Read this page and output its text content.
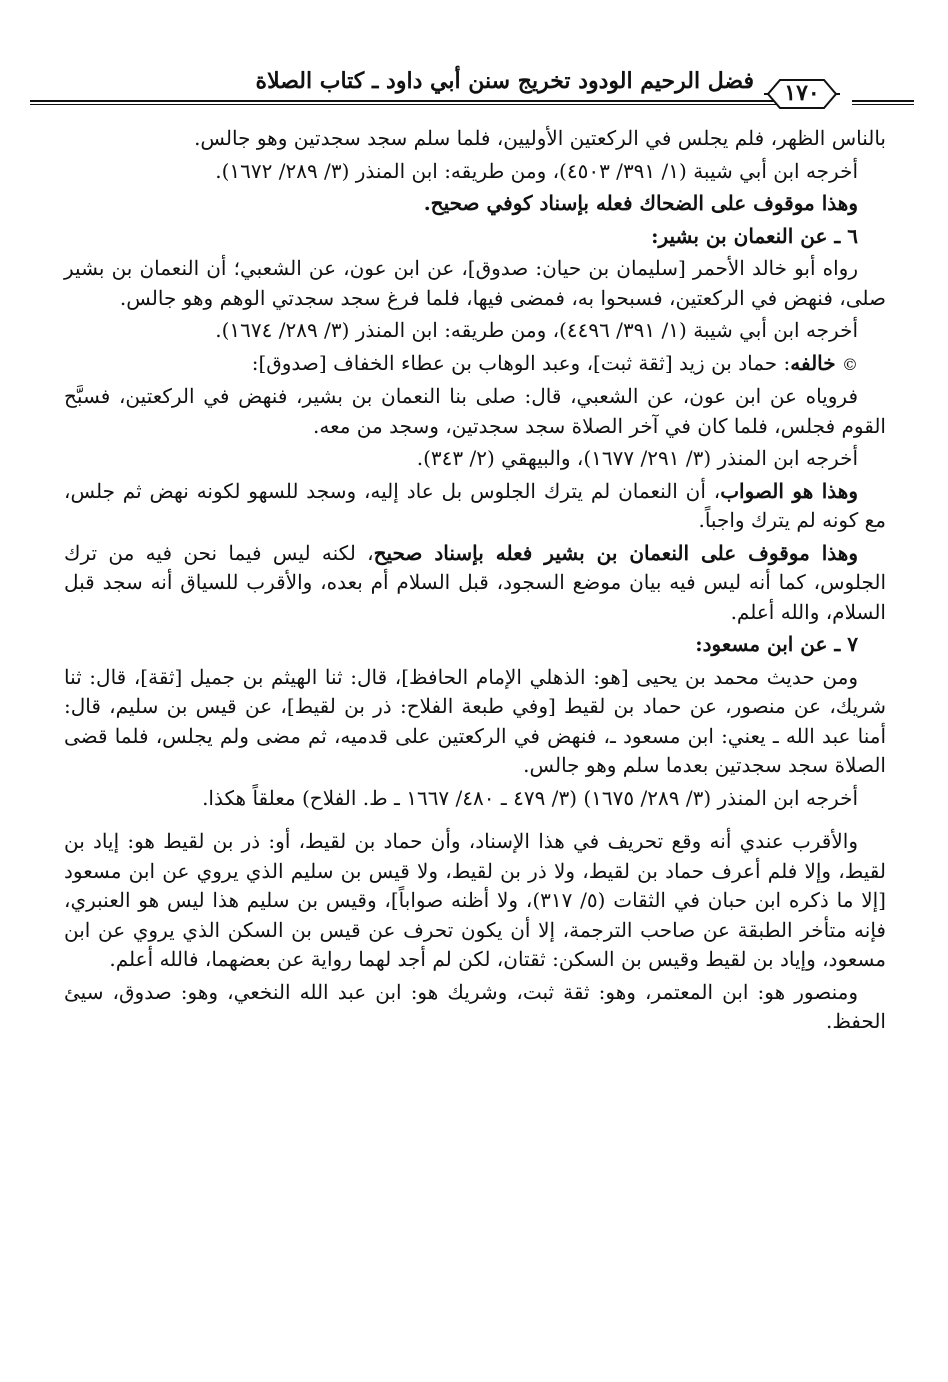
١٧٠
فضل الرحيم الودود تخريج سنن أبي داود ـ كتاب الصلاة

بالناس الظهر، فلم يجلس في الركعتين الأوليين، فلما سلم سجد سجدتين وهو جالس.

أخرجه ابن أبي شيبة (١/ ٣٩١/ ٤٥٠٣)، ومن طريقه: ابن المنذر (٣/ ٢٨٩/ ١٦٧٢).

وهذا موقوف على الضحاك فعله بإسناد كوفي صحيح.

٦ ـ عن النعمان بن بشير:

رواه أبو خالد الأحمر [سليمان بن حيان: صدوق]، عن ابن عون، عن الشعبي؛ أن النعمان بن بشير صلى، فنهض في الركعتين، فسبحوا به، فمضى فيها، فلما فرغ سجد سجدتي الوهم وهو جالس.

أخرجه ابن أبي شيبة (١/ ٣٩١/ ٤٤٩٦)، ومن طريقه: ابن المنذر (٣/ ٢٨٩/ ١٦٧٤).

© خالفه: حماد بن زيد [ثقة ثبت]، وعبد الوهاب بن عطاء الخفاف [صدوق]:

فروياه عن ابن عون، عن الشعبي، قال: صلى بنا النعمان بن بشير، فنهض في الركعتين، فسبَّح القوم فجلس، فلما كان في آخر الصلاة سجد سجدتين، وسجد من معه.

أخرجه ابن المنذر (٣/ ٢٩١/ ١٦٧٧)، والبيهقي (٢/ ٣٤٣).

وهذا هو الصواب، أن النعمان لم يترك الجلوس بل عاد إليه، وسجد للسهو لكونه نهض ثم جلس، مع كونه لم يترك واجباً.

وهذا موقوف على النعمان بن بشير فعله بإسناد صحيح، لكنه ليس فيما نحن فيه من ترك الجلوس، كما أنه ليس فيه بيان موضع السجود، قبل السلام أم بعده، والأقرب للسياق أنه سجد قبل السلام، والله أعلم.

٧ ـ عن ابن مسعود:

ومن حديث محمد بن يحيى [هو: الذهلي الإمام الحافظ]، قال: ثنا الهيثم بن جميل [ثقة]، قال: ثنا شريك، عن منصور، عن حماد بن لقيط [وفي طبعة الفلاح: ذر بن لقيط]، عن قيس بن سليم، قال: أمنا عبد الله ـ يعني: ابن مسعود ـ، فنهض في الركعتين على قدميه، ثم مضى ولم يجلس، فلما قضى الصلاة سجد سجدتين بعدما سلم وهو جالس.

أخرجه ابن المنذر (٣/ ٢٨٩/ ١٦٧٥) (٣/ ٤٧٩ ـ ٤٨٠/ ١٦٦٧ ـ ط. الفلاح) معلقاً هكذا.

والأقرب عندي أنه وقع تحريف في هذا الإسناد، وأن حماد بن لقيط، أو: ذر بن لقيط هو: إياد بن لقيط، وإلا فلم أعرف حماد بن لقيط، ولا ذر بن لقيط، ولا قيس بن سليم الذي يروي عن ابن مسعود [إلا ما ذكره ابن حبان في الثقات (٥/ ٣١٧)، ولا أظنه صواباً]، وقيس بن سليم هذا ليس هو العنبري، فإنه متأخر الطبقة عن صاحب الترجمة، إلا أن يكون تحرف عن قيس بن السكن الذي يروي عن ابن مسعود، وإياد بن لقيط وقيس بن السكن: ثقتان، لكن لم أجد لهما رواية عن بعضهما، فالله أعلم.

ومنصور هو: ابن المعتمر، وهو: ثقة ثبت، وشريك هو: ابن عبد الله النخعي، وهو: صدوق، سيئ الحفظ.
